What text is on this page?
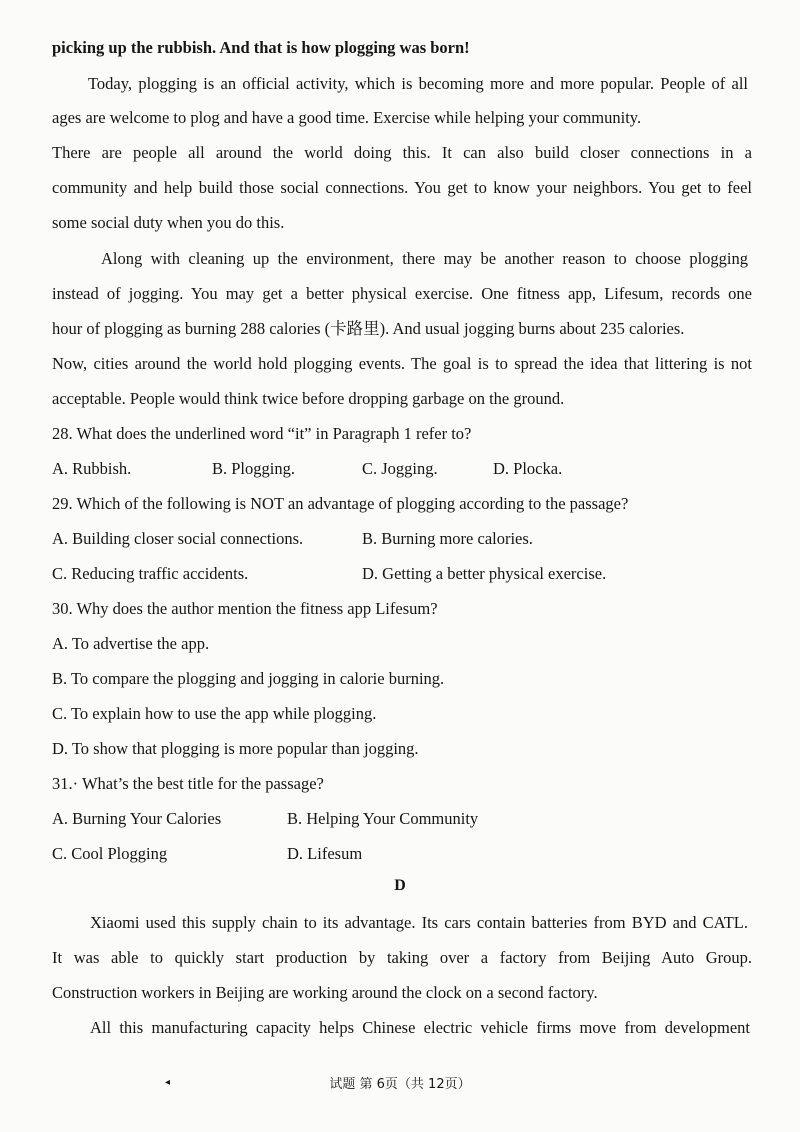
picking up the rubbish. And that is how plogging was born!
Today, plogging is an official activity, which is becoming more and more popular. People of all
ages are welcome to plog and have a good time. Exercise while helping your community.
There are people all around the world doing this. It can also build closer connections in a
community and help build those social connections. You get to know your neighbors. You get to feel
some social duty when you do this.
Along with cleaning up the environment, there may be another reason to choose plogging
instead of jogging. You may get a better physical exercise. One fitness app, Lifesum, records one
hour of plogging as burning 288 calories (卡路里). And usual jogging burns about 235 calories.
Now, cities around the world hold plogging events. The goal is to spread the idea that littering is not
acceptable. People would think twice before dropping garbage on the ground.
28. What does the underlined word “it” in Paragraph 1 refer to?
A. Rubbish.	B. Plogging.	C. Jogging.	D. Plocka.
29. Which of the following is NOT an advantage of plogging according to the passage?
A. Building closer social connections.	B. Burning more calories.
C. Reducing traffic accidents.	D. Getting a better physical exercise.
30. Why does the author mention the fitness app Lifesum?
A. To advertise the app.
B. To compare the plogging and jogging in calorie burning.
C. To explain how to use the app while plogging.
D. To show that plogging is more popular than jogging.
31.· What’s the best title for the passage?
A. Burning Your Calories	B. Helping Your Community
C. Cool Plogging	D. Lifesum
D
Xiaomi used this supply chain to its advantage. Its cars contain batteries from BYD and CATL.
It was able to quickly start production by taking over a factory from Beijing Auto Group.
Construction workers in Beijing are working around the clock on a second factory.
All this manufacturing capacity helps Chinese electric vehicle firms move from development
◂	试题 第 6页（共 12页）
